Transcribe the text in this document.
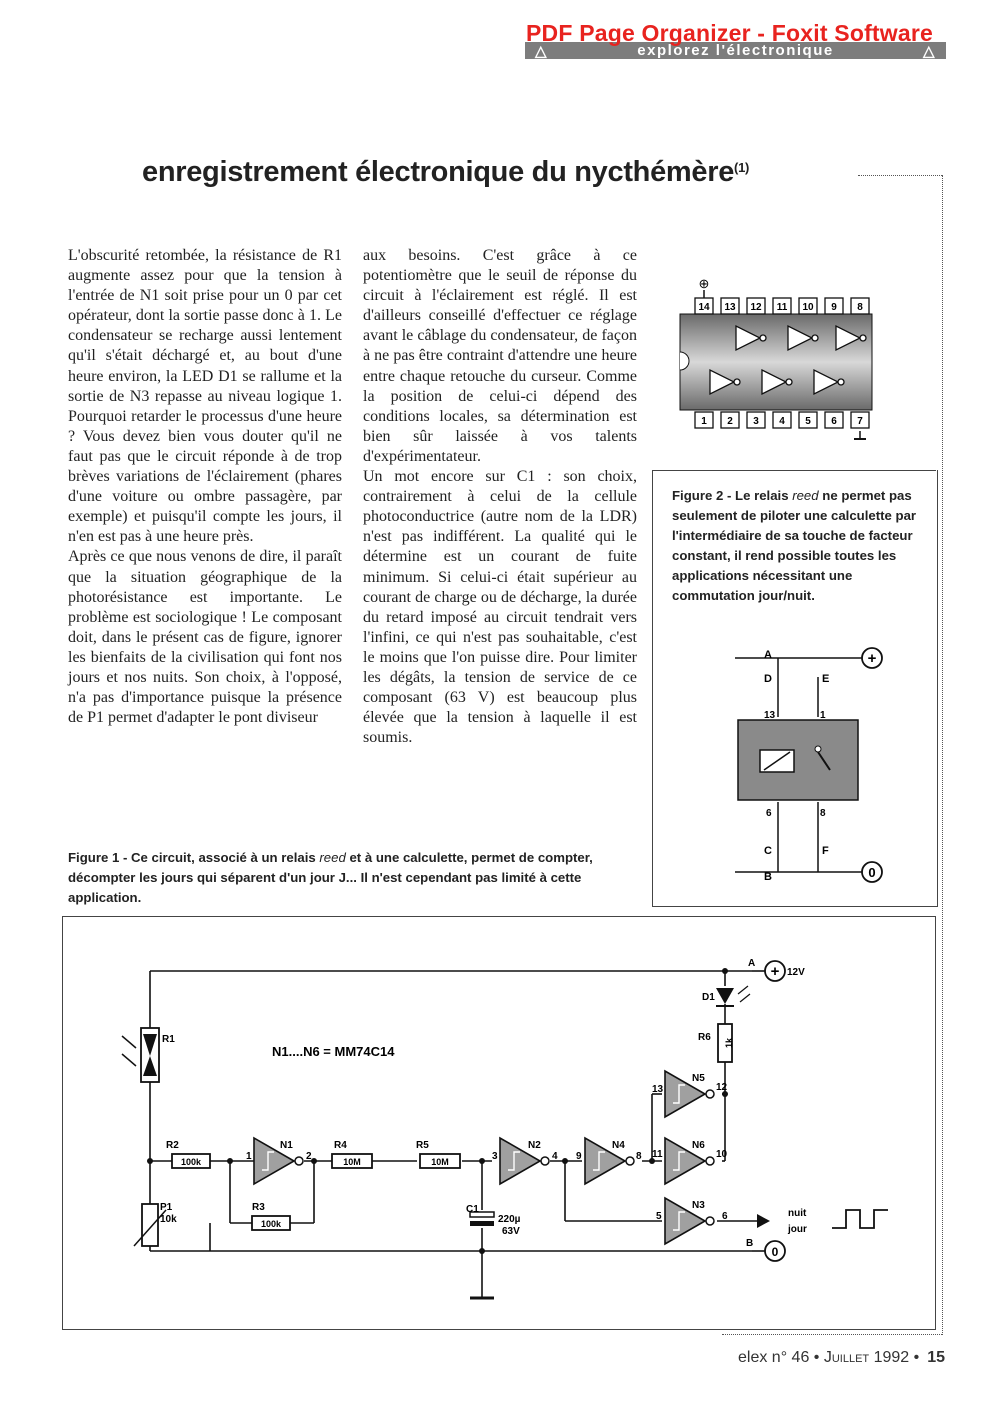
PDF Page Organizer - Foxit Software
△	explorez l'électronique	△
enregistrement électronique du nycthémère$^{(1)}$

L'obscurité retombée, la résistance de R1 augmente assez pour que la tension à l'entrée de N1 soit prise pour un 0 par cet opérateur, dont la sortie passe donc à 1. Le condensateur se recharge aussi lentement qu'il s'était déchargé et, au bout d'une heure environ, la LED D1 se rallume et la sortie de N3 repasse au niveau logique 1. Pourquoi retarder le processus d'une heure ? Vous devez bien vous douter qu'il ne faut pas que le circuit réponde à de trop brèves variations de l'éclairement (phares d'une voiture ou ombre passagère, par exemple) et puisqu'il compte les jours, il n'en est pas à une heure près.

Après ce que nous venons de dire, il paraît que la situation géographique de la photorésistance est importante. Le problème est sociologique ! Le composant doit, dans le présent cas de figure, ignorer les bienfaits de la civilisation qui font nos jours et nos nuits. Son choix, à l'opposé, n'a pas d'importance puisque la présence de P1 permet d'adapter le pont diviseur

aux besoins. C'est grâce à ce potentiomètre que le seuil de réponse du circuit à l'éclairement est réglé. Il est d'ailleurs conseillé d'effectuer ce réglage avant le câblage du condensateur, de façon à ne pas être contraint d'attendre une heure entre chaque retouche du curseur. Comme la position de celui-ci dépend des conditions locales, sa détermination est bien sûr laissée à vos talents d'expérimentateur.

Un mot encore sur C1 : son choix, contrairement à celui de la cellule photoconductrice (autre nom de la LDR) n'est pas indifférent. La qualité qui le détermine est un courant de fuite minimum. Si celui-ci était supérieur au courant de charge ou de décharge, la durée du retard imposé au circuit tendrait vers l'infini, ce qui n'est pas souhaitable, c'est le moins que l'on puisse dire. Pour limiter les dégâts, la tension de service de ce composant (63 V) est beaucoup plus élevée que la tension à laquelle il est soumis.

⊕
14 13 12 11 10 9 8
1 2 3 4 5 6 7
Figure 2 - Le relais reed ne permet pas seulement de piloter une calculette par l'intermédiaire de sa touche de facteur constant, il rend possible toutes les applications nécessitant une commutation jour/nuit.
+
0
A
D	E
C	F
B
13	1
6	8
Figure 1 - Ce circuit, associé à un relais reed et à une calculette, permet de compter, décompter les jours qui séparent d'un jour J... Il n'est cependant pas limité à cette application.
R1
N1....N6 = MM74C14
R2
100k
R3
100k
R4
10M
R5
10M
R6 1k
P1
10k
C1
220µ
63V
D1
N1	N2	N4	N6
N5
N3
1	2	3	4 9	8 11	10
13	12
5	6
+ 12V
A
0
B
nuit
jour
elex n° 46 • Juillet 1992 • 15
